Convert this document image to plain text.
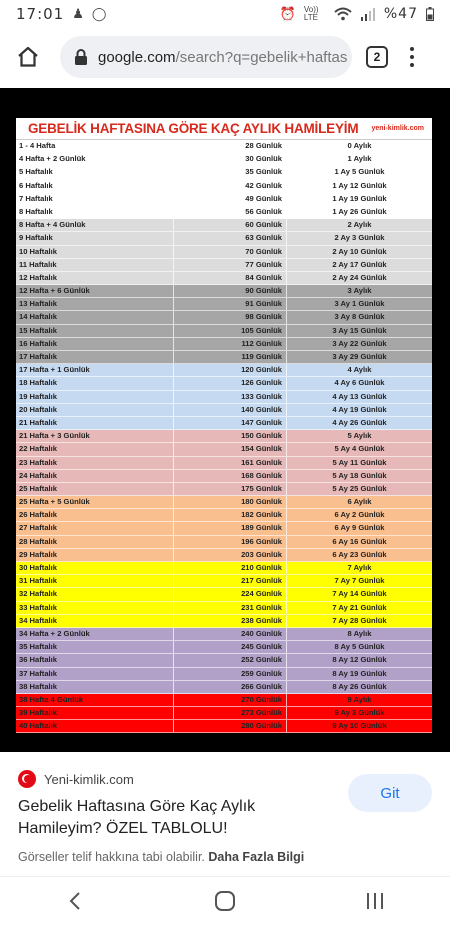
17:01 ♟ ◯	⏰ Vo)) LTE	%47
google.com/search?q=gebelik+haftas	2
GEBELİK HAFTASINA GÖRE KAÇ AYLIK HAMİLEYİM yeni-kimlik.com
1 - 4 Hafta	28 Günlük	0 Aylık
4 Hafta + 2 Günlük	30 Günlük	1 Aylık
5 Haftalık	35 Günlük	1 Ay 5 Günlük
6 Haftalık	42 Günlük	1 Ay 12 Günlük
7 Haftalık	49 Günlük	1 Ay 19 Günlük
8 Haftalık	56 Günlük	1 Ay 26 Günlük
8 Hafta + 4 Günlük	60 Günlük	2 Aylık
9 Haftalık	63 Günlük	2 Ay 3 Günlük
10 Haftalık	70 Günlük	2 Ay 10 Günlük
11 Haftalık	77 Günlük	2 Ay 17 Günlük
12 Haftalık	84 Günlük	2 Ay 24 Günlük
12 Hafta + 6 Günlük	90 Günlük	3 Aylık
13 Haftalık	91 Günlük	3 Ay 1 Günlük
14 Haftalık	98 Günlük	3 Ay 8 Günlük
15 Haftalık	105 Günlük	3 Ay 15 Günlük
16 Haftalık	112 Günlük	3 Ay 22 Günlük
17 Haftalık	119 Günlük	3 Ay 29 Günlük
17 Hafta + 1 Günlük	120 Günlük	4 Aylık
18 Haftalık	126 Günlük	4 Ay 6 Günlük
19 Haftalık	133 Günlük	4 Ay 13 Günlük
20 Haftalık	140 Günlük	4 Ay 19 Günlük
21 Haftalık	147 Günlük	4 Ay 26 Günlük
21 Hafta + 3 Günlük	150 Günlük	5 Aylık
22 Haftalık	154 Günlük	5 Ay 4 Günlük
23 Haftalık	161 Günlük	5 Ay 11 Günlük
24 Haftalık	168 Günlük	5 Ay 18 Günlük
25 Haftalık	175 Günlük	5 Ay 25 Günlük
25 Hafta + 5 Günlük	180 Günlük	6 Aylık
26 Haftalık	182 Günlük	6 Ay 2 Günlük
27 Haftalık	189 Günlük	6 Ay 9 Günlük
28 Haftalık	196 Günlük	6 Ay 16 Günlük
29 Haftalık	203 Günlük	6 Ay 23 Günlük
30 Haftalık	210 Günlük	7 Aylık
31 Haftalık	217 Günlük	7 Ay 7 Günlük
32 Haftalık	224 Günlük	7 Ay 14 Günlük
33 Haftalık	231 Günlük	7 Ay 21 Günlük
34 Haftalık	238 Günlük	7 Ay 28 Günlük
34 Hafta + 2 Günlük	240 Günlük	8 Aylık
35 Haftalık	245 Günlük	8 Ay 5 Günlük
36 Haftalık	252 Günlük	8 Ay 12 Günlük
37 Haftalık	259 Günlük	8 Ay 19 Günlük
38 Haftalık	266 Günlük	8 Ay 26 Günlük
38 Hafta 4 Günlük	270 Günlük	9 Aylık
39 Haftalık	273 Günlük	9 Ay 3 Günlük
40 Haftalık	280 Günlük	9 Ay 10 Günlük
Yeni-kimlik.com
Gebelik Haftasına Göre Kaç Aylık Hamileyim? ÖZEL TABLOLU!
Git
Görseller telif hakkına tabi olabilir. Daha Fazla Bilgi
